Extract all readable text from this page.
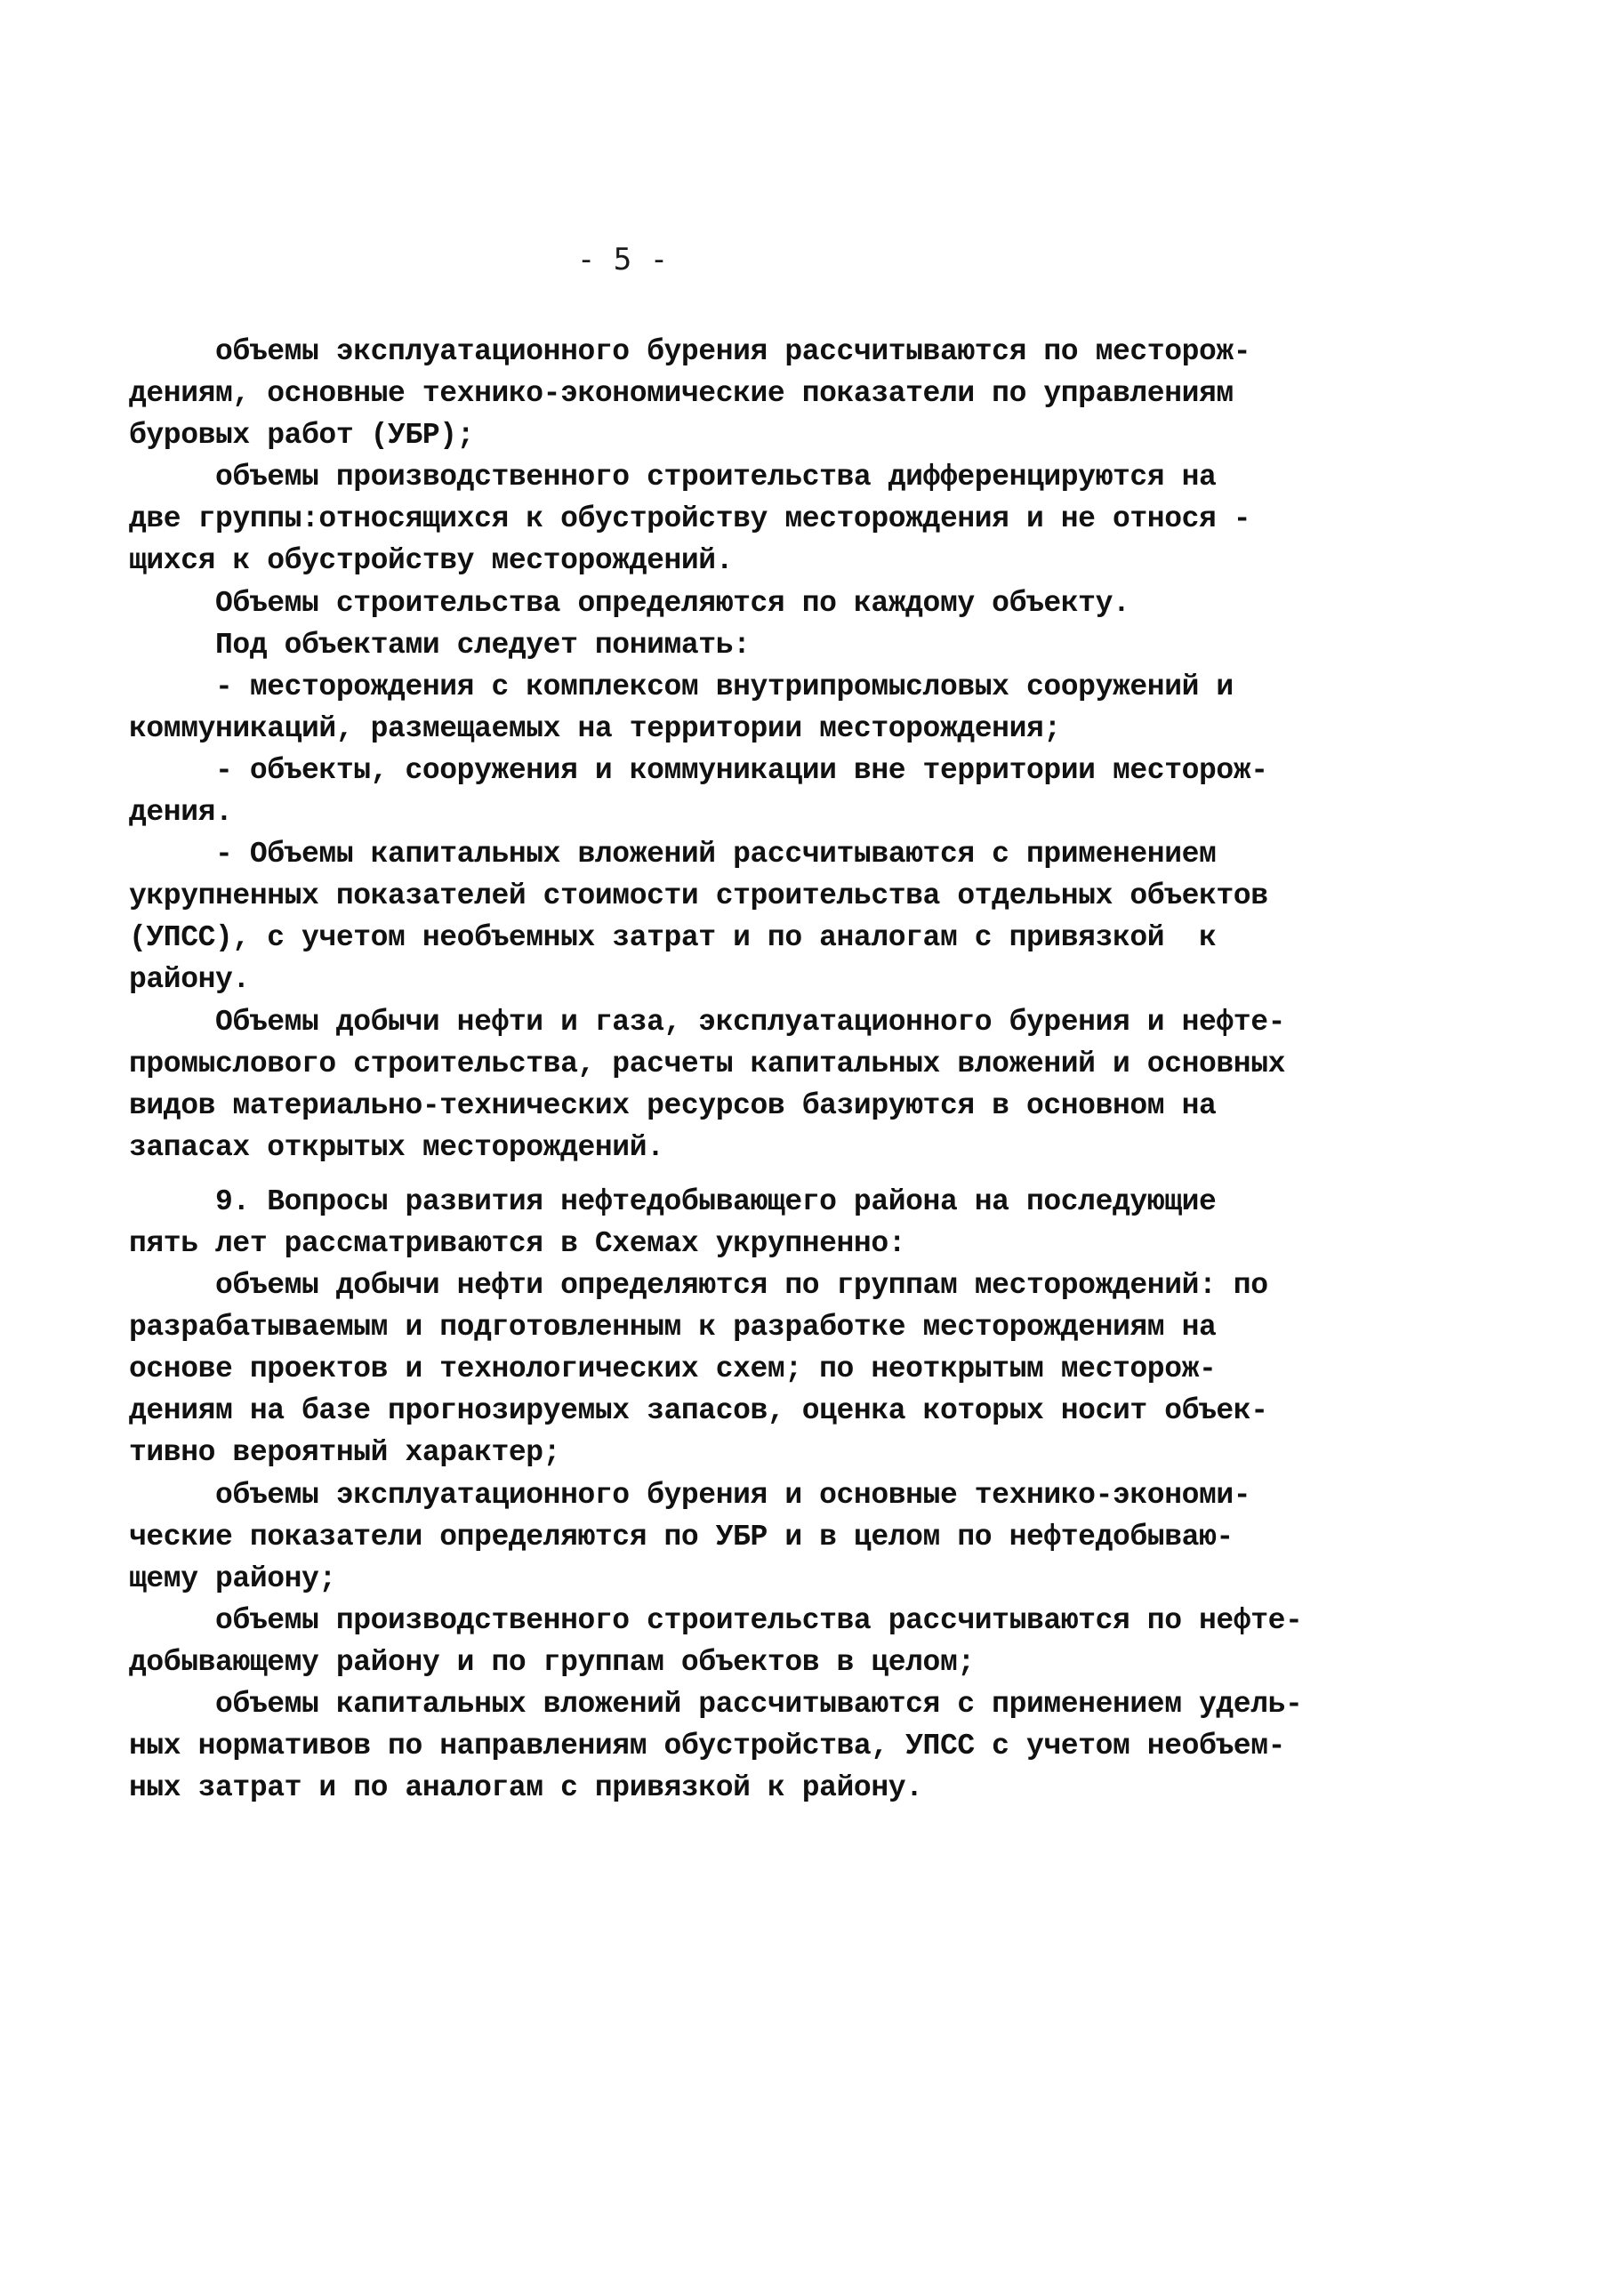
- 5 -
объемы эксплуатационного бурения рассчитываются по месторож-
дениям, основные технико-экономические показатели по управлениям
буровых работ (УБР);
объемы производственного строительства дифференцируются на
две группы:относящихся к обустройству месторождения и не относя -
щихся к обустройству месторождений.
Объемы строительства определяются по каждому объекту.
Под объектами следует понимать:
- месторождения с комплексом внутрипромысловых сооружений и
коммуникаций, размещаемых на территории месторождения;
- объекты, сооружения и коммуникации вне территории месторож-
дения.
- Объемы капитальных вложений рассчитываются с применением
укрупненных показателей стоимости строительства отдельных объектов
(УПСС), с учетом необъемных затрат и по аналогам с привязкой  к
району.
Объемы добычи нефти и газа, эксплуатационного бурения и нефте-
промыслового строительства, расчеты капитальных вложений и основных
видов материально-технических ресурсов базируются в основном на
запасах открытых месторождений.
9. Вопросы развития нефтедобывающего района на последующие
пять лет рассматриваются в Схемах укрупненно:
объемы добычи нефти определяются по группам месторождений: по
разрабатываемым и подготовленным к разработке месторождениям на
основе проектов и технологических схем; по неоткрытым месторож-
дениям на базе прогнозируемых запасов, оценка которых носит объек-
тивно вероятный характер;
объемы эксплуатационного бурения и основные технико-экономи-
ческие показатели определяются по УБР и в целом по нефтедобываю-
щему району;
объемы производственного строительства рассчитываются по нефте-
добывающему району и по группам объектов в целом;
объемы капитальных вложений рассчитываются с применением удель-
ных нормативов по направлениям обустройства, УПСС с учетом необъем-
ных затрат и по аналогам с привязкой к району.
